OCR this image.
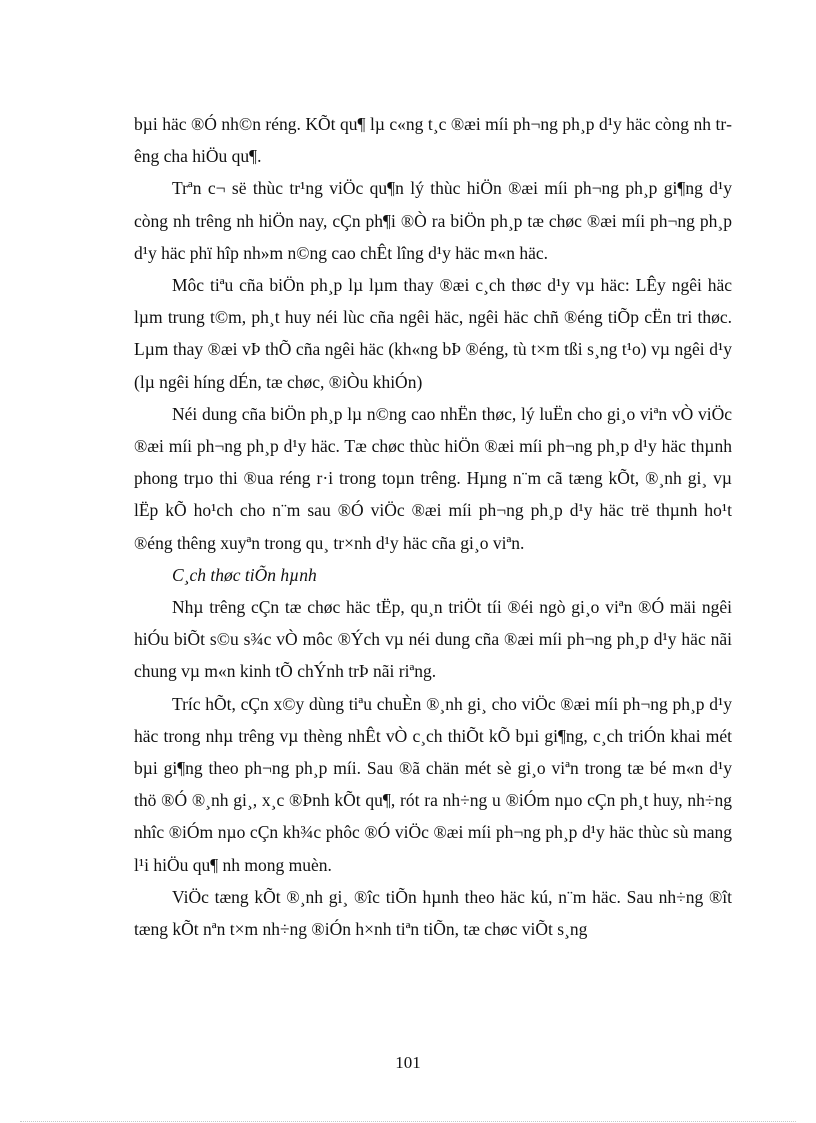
bµi häc ®Ó nh©n réng. KÕt qu¶ lµ c«ng t¸c ®æi míi ph¬ng ph¸p d¹y häc còng nh trêng cha hiÖu qu¶.

Trªn c¬ së thùc tr¹ng viÖc qu¶n lý thùc hiÖn ®æi míi ph¬ng ph¸p gi¶ng d¹y còng nh trêng nh hiÖn nay, cÇn ph¶i ®Ò ra biÖn ph¸p tæ chøc ®æi míi ph¬ng ph¸p d¹y häc phï hîp nh»m n©ng cao chÊt lîng d¹y häc m«n häc.

Môc tiªu cña biÖn ph¸p lµ lµm thay ®æi c¸ch thøc d¹y vµ häc: LÊy ngêi häc lµm trung t©m, ph¸t huy néi lùc cña ngêi häc, ngêi häc chñ ®éng tiÕp cËn tri thøc. Lµm thay ®æi vÞ thÕ cña ngêi häc (kh«ng bÞ ®éng, tù t×m tßi s¸ng t¹o) vµ ngêi d¹y (lµ ngêi híng dÉn, tæ chøc, ®iÒu khiÓn)

Néi dung cña biÖn ph¸p lµ n©ng cao nhËn thøc, lý luËn cho gi¸o viªn vÒ viÖc ®æi míi ph¬ng ph¸p d¹y häc. Tæ chøc thùc hiÖn ®æi míi ph¬ng ph¸p d¹y häc thµnh phong trµo thi ®ua réng r·i trong toµn trêng. Hµng n¨m cã tæng kÕt, ®¸nh gi¸ vµ lËp kÕ ho¹ch cho n¨m sau ®Ó viÖc ®æi míi ph¬ng ph¸p d¹y häc trë thµnh ho¹t ®éng thêng xuyªn trong qu¸ tr×nh d¹y häc cña gi¸o viªn.

C¸ch thøc tiÕn hµnh

Nhµ trêng cÇn tæ chøc häc tËp, qu¸n triÖt tíi ®éi ngò gi¸o viªn ®Ó mäi ngêi hiÓu biÕt s©u s¾c vÒ môc ®Ých vµ néi dung cña ®æi míi ph¬ng ph¸p d¹y häc nãi chung vµ m«n kinh tÕ chÝnh trÞ nãi riªng.

Tríc hÕt, cÇn x©y dùng tiªu chuÈn ®¸nh gi¸ cho viÖc ®æi míi ph¬ng ph¸p d¹y häc trong nhµ trêng vµ thèng nhÊt vÒ c¸ch thiÕt kÕ bµi gi¶ng, c¸ch triÓn khai mét bµi gi¶ng theo ph¬ng ph¸p míi. Sau ®ã chän mét sè gi¸o viªn trong tæ bé m«n d¹y thö ®Ó ®¸nh gi¸, x¸c ®Þnh kÕt qu¶, rót ra nh÷ng u ®iÓm nµo cÇn ph¸t huy, nh÷ng nhîc ®iÓm nµo cÇn kh¾c phôc ®Ó viÖc ®æi míi ph¬ng ph¸p d¹y häc thùc sù mang l¹i hiÖu qu¶ nh mong muèn.

ViÖc tæng kÕt ®¸nh gi¸ ®îc tiÕn hµnh theo häc kú, n¨m häc. Sau nh÷ng ®ît tæng kÕt nªn t×m nh÷ng ®iÓn h×nh tiªn tiÕn, tæ chøc viÕt s¸ng

101
